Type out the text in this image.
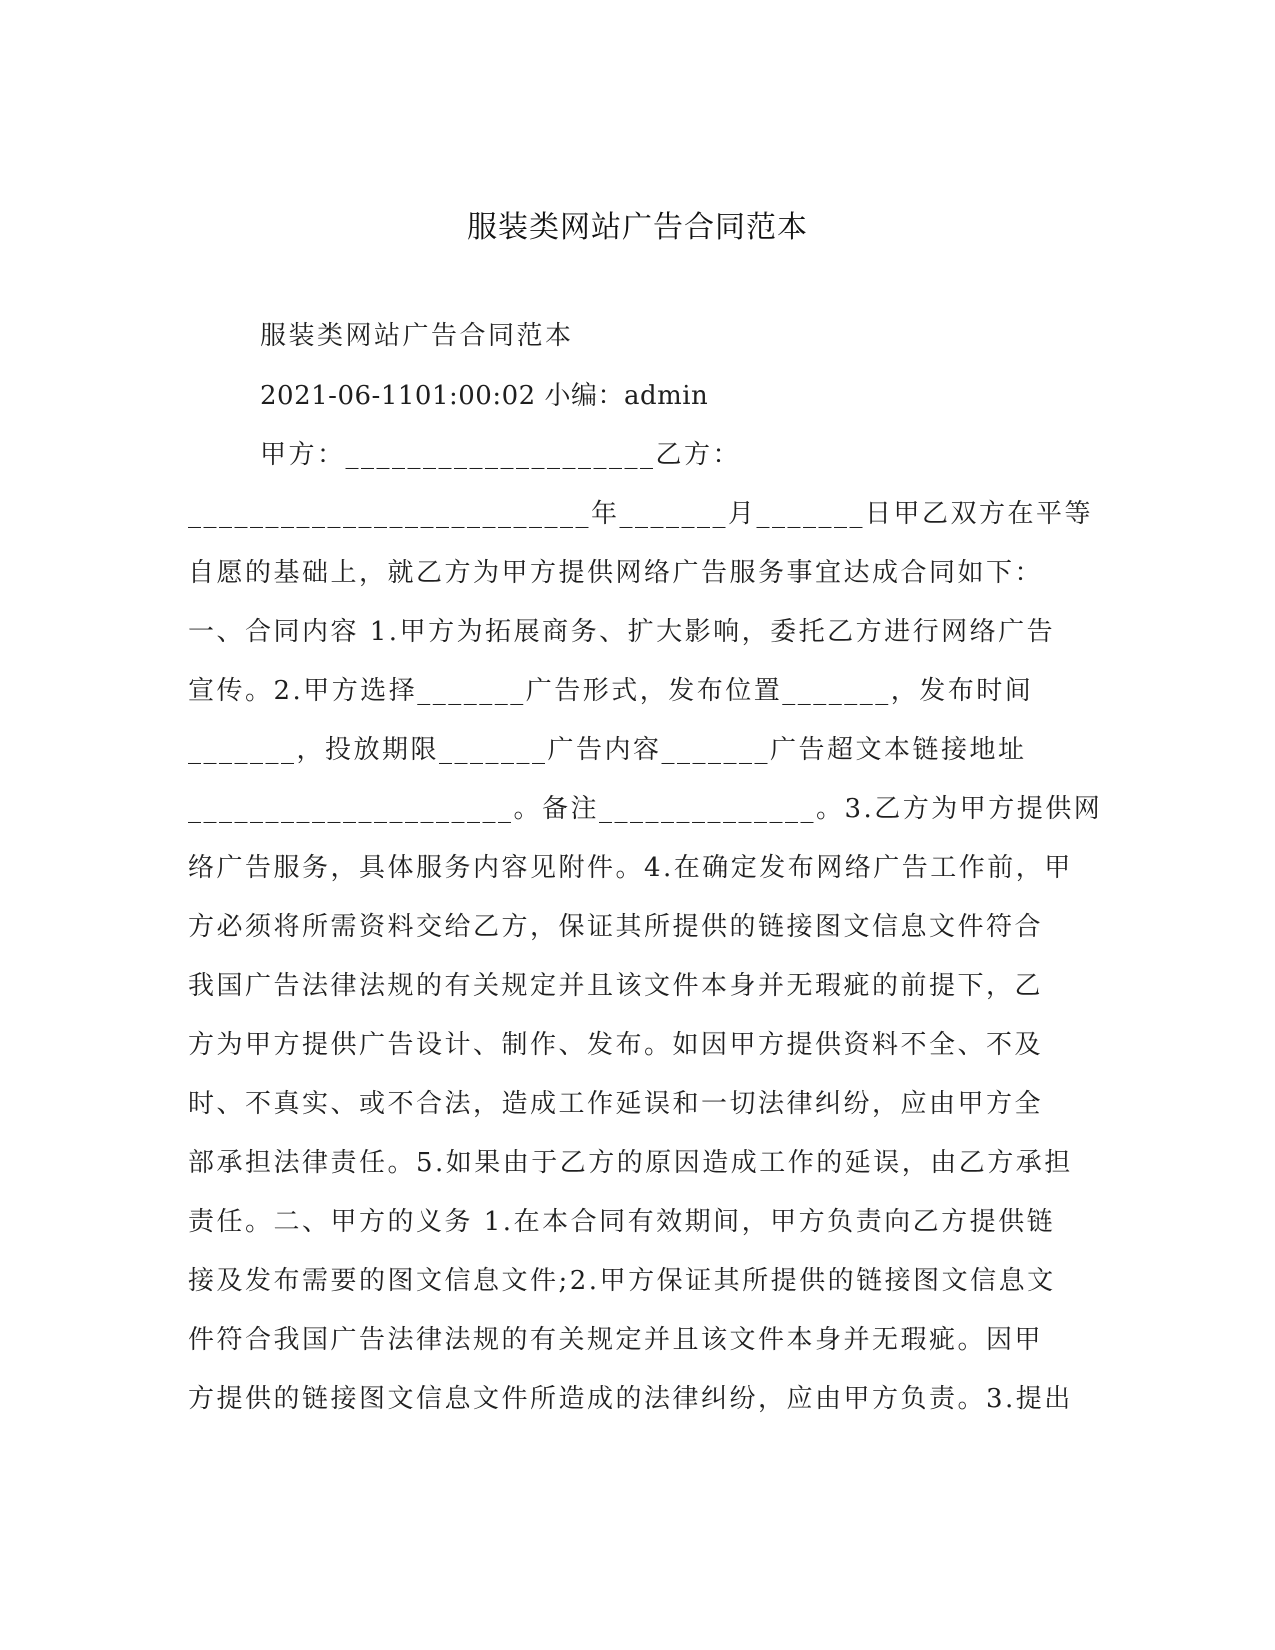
服装类网站广告合同范本
服装类网站广告合同范本
2021-06-1101:00:02 小编：admin
甲方：____________________乙方：
__________________________年_______月_______日甲乙双方在平等
自愿的基础上，就乙方为甲方提供网络广告服务事宜达成合同如下：
一、合同内容 1.甲方为拓展商务、扩大影响，委托乙方进行网络广告
宣传。2.甲方选择_______广告形式，发布位置_______，发布时间
_______，投放期限_______广告内容_______广告超文本链接地址
_____________________。备注______________。3.乙方为甲方提供网
络广告服务，具体服务内容见附件。4.在确定发布网络广告工作前，甲
方必须将所需资料交给乙方，保证其所提供的链接图文信息文件符合
我国广告法律法规的有关规定并且该文件本身并无瑕疵的前提下，乙
方为甲方提供广告设计、制作、发布。如因甲方提供资料不全、不及
时、不真实、或不合法，造成工作延误和一切法律纠纷，应由甲方全
部承担法律责任。5.如果由于乙方的原因造成工作的延误，由乙方承担
责任。二、甲方的义务 1.在本合同有效期间，甲方负责向乙方提供链
接及发布需要的图文信息文件;2.甲方保证其所提供的链接图文信息文
件符合我国广告法律法规的有关规定并且该文件本身并无瑕疵。因甲
方提供的链接图文信息文件所造成的法律纠纷，应由甲方负责。3.提出
